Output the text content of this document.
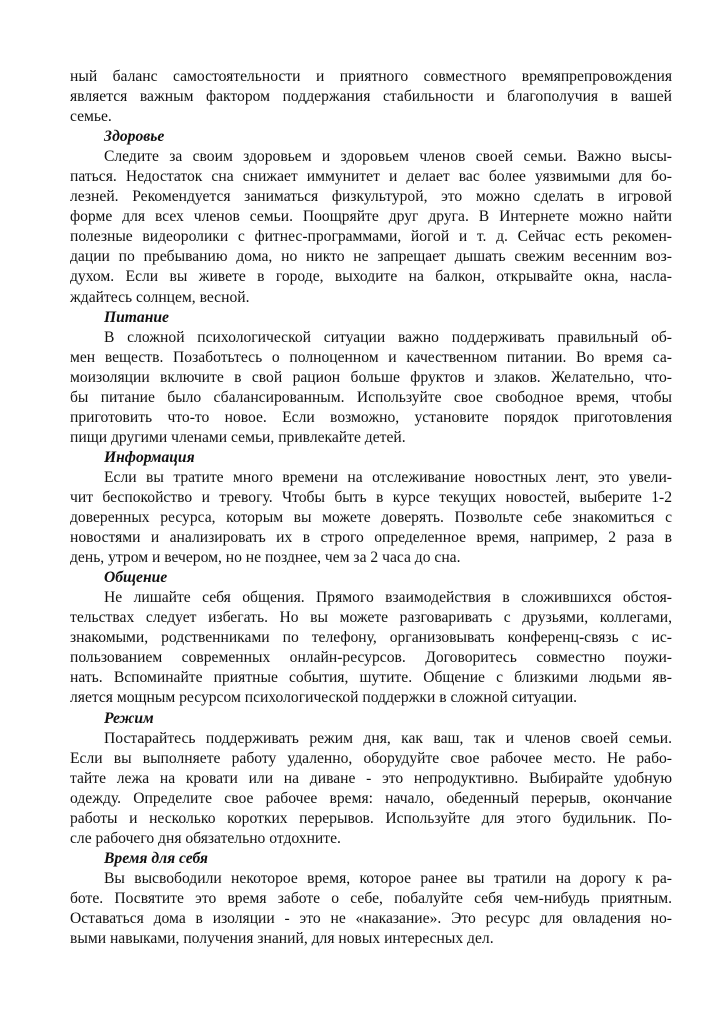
ный баланс самостоятельности и приятного совместного времяпрепровождения
является важным фактором поддержания стабильности и благополучия в вашей
семье.
Здоровье
Следите за своим здоровьем и здоровьем членов своей семьи. Важно высы-
паться. Недостаток сна снижает иммунитет и делает вас более уязвимыми для бо-
лезней. Рекомендуется заниматься физкультурой, это можно сделать в игровой
форме для всех членов семьи. Поощряйте друг друга. В Интернете можно найти
полезные видеоролики с фитнес-программами, йогой и т. д. Сейчас есть рекомен-
дации по пребыванию дома, но никто не запрещает дышать свежим весенним воз-
духом. Если вы живете в городе, выходите на балкон, открывайте окна, насла-
ждайтесь солнцем, весной.
Питание
В сложной психологической ситуации важно поддерживать правильный об-
мен веществ. Позаботьтесь о полноценном и качественном питании. Во время са-
моизоляции включите в свой рацион больше фруктов и злаков. Желательно, что-
бы питание было сбалансированным. Используйте свое свободное время, чтобы
приготовить что-то новое. Если возможно, установите порядок приготовления
пищи другими членами семьи, привлекайте детей.
Информация
Если вы тратите много времени на отслеживание новостных лент, это увели-
чит беспокойство и тревогу. Чтобы быть в курсе текущих новостей, выберите 1-2
доверенных ресурса, которым вы можете доверять. Позвольте себе знакомиться с
новостями и анализировать их в строго определенное время, например, 2 раза в
день, утром и вечером, но не позднее, чем за 2 часа до сна.
Общение
Не лишайте себя общения. Прямого взаимодействия в сложившихся обстоя-
тельствах следует избегать. Но вы можете разговаривать с друзьями, коллегами,
знакомыми, родственниками по телефону, организовывать конференц-связь с ис-
пользованием современных онлайн-ресурсов. Договоритесь совместно поужи-
нать. Вспоминайте приятные события, шутите. Общение с близкими людьми яв-
ляется мощным ресурсом психологической поддержки в сложной ситуации.
Режим
Постарайтесь поддерживать режим дня, как ваш, так и членов своей семьи.
Если вы выполняете работу удаленно, оборудуйте свое рабочее место. Не рабо-
тайте лежа на кровати или на диване - это непродуктивно. Выбирайте удобную
одежду. Определите свое рабочее время: начало, обеденный перерыв, окончание
работы и несколько коротких перерывов. Используйте для этого будильник. По-
сле рабочего дня обязательно отдохните.
Время для себя
Вы высвободили некоторое время, которое ранее вы тратили на дорогу к ра-
боте. Посвятите это время заботе о себе, побалуйте себя чем-нибудь приятным.
Оставаться дома в изоляции - это не «наказание». Это ресурс для овладения но-
выми навыками, получения знаний, для новых интересных дел.
